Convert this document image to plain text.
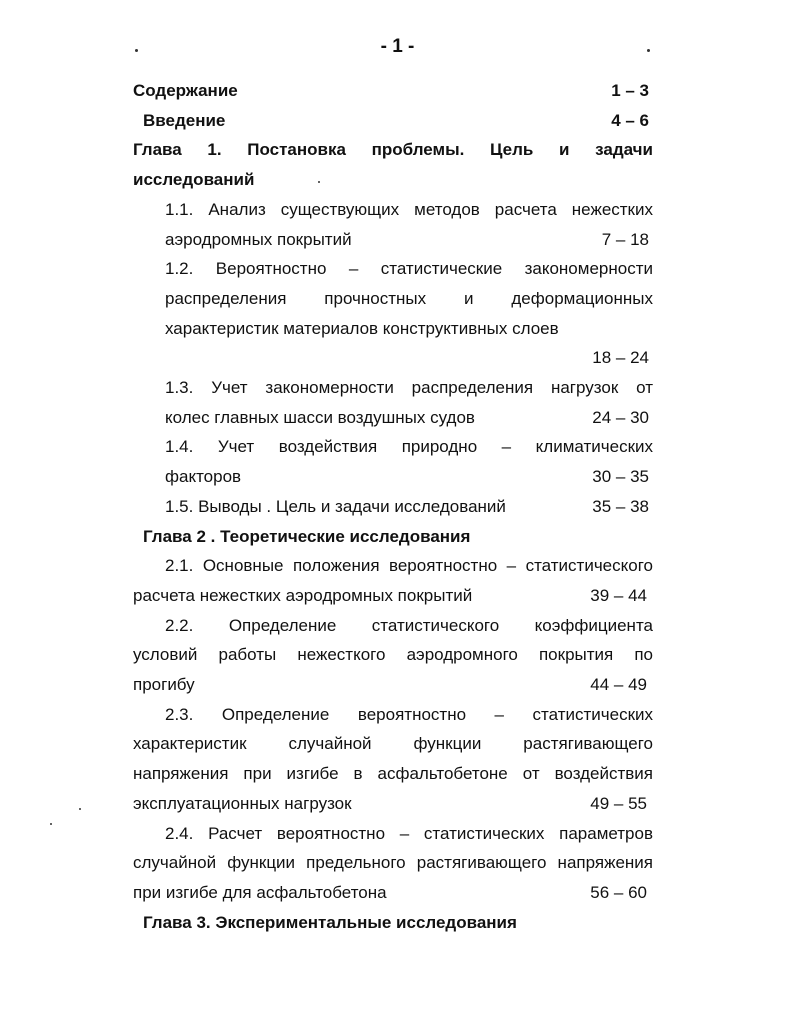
- 1 -
Содержание	1 – 3
Введение	4 – 6
Глава 1. Постановка проблемы. Цель и задачи
исследований
1.1. Анализ существующих методов расчета нежестких
аэродромных покрытий	7 – 18
1.2. Вероятностно – статистические закономерности
распределения прочностных и деформационных
характеристик материалов конструктивных слоев
18 – 24
1.3. Учет закономерности распределения нагрузок от
колес главных шасси воздушных судов	24 – 30
1.4. Учет воздействия природно – климатических
факторов	30 – 35
1.5. Выводы . Цель и задачи исследований	35 – 38
Глава 2 . Теоретические исследования
2.1. Основные положения вероятностно – статистического
расчета нежестких аэродромных покрытий	39 – 44
2.2. Определение статистического коэффициента
условий работы нежесткого аэродромного покрытия по
прогибу	44 – 49
2.3. Определение вероятностно – статистических
характеристик случайной функции растягивающего
напряжения при изгибе в асфальтобетоне от воздействия
эксплуатационных нагрузок	49 – 55
2.4. Расчет вероятностно – статистических параметров
случайной функции предельного растягивающего напряжения
при изгибе для асфальтобетона	56 – 60
Глава 3. Экспериментальные исследования
